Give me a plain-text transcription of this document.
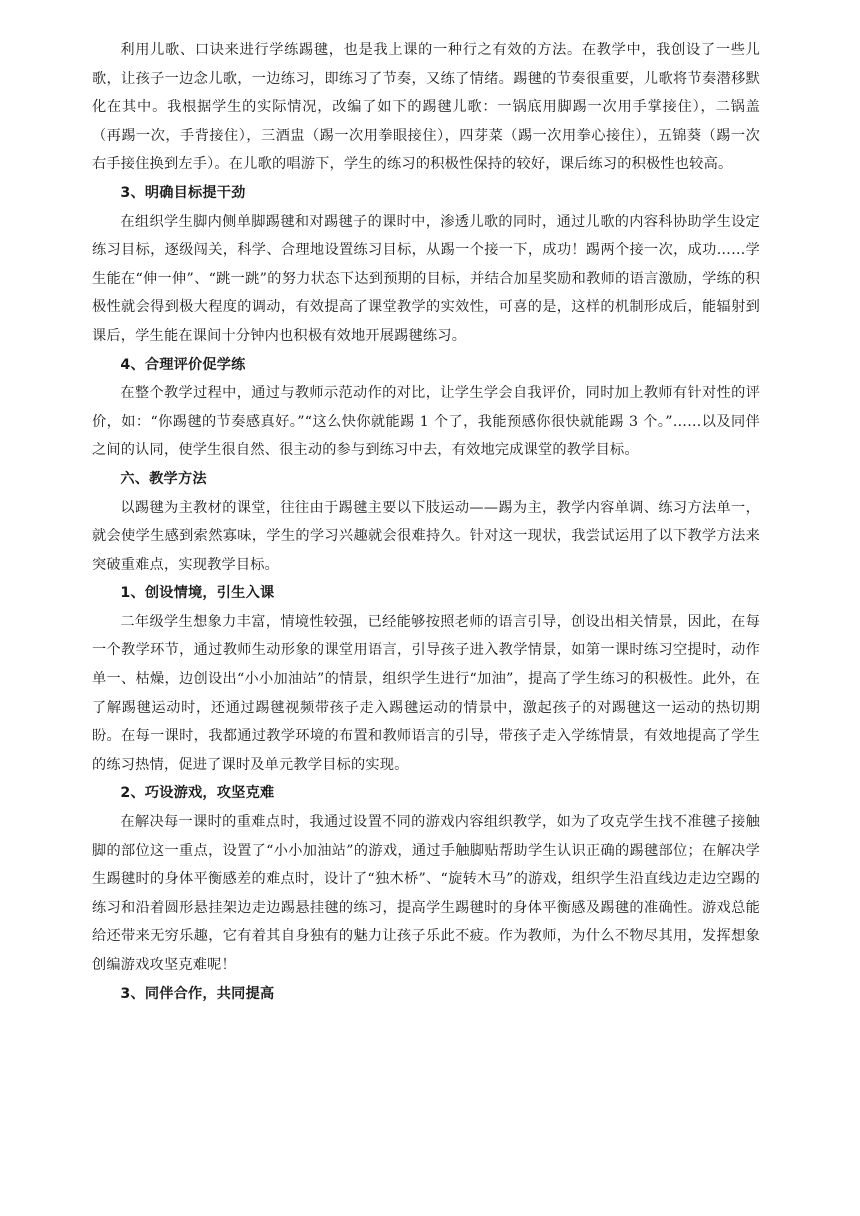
利用儿歌、口诀来进行学练踢毽，也是我上课的一种行之有效的方法。在教学中，我创设了一些儿歌，让孩子一边念儿歌，一边练习，即练习了节奏，又练了情绪。踢毽的节奏很重要，儿歌将节奏潜移默化在其中。我根据学生的实际情况，改编了如下的踢毽儿歌：一锅底用脚踢一次用手掌接住），二锅盖（再踢一次，手背接住），三酒盅（踢一次用拳眼接住），四芽菜（踢一次用拳心接住），五锦葵（踢一次右手接住换到左手）。在儿歌的唱游下，学生的练习的积极性保持的较好，课后练习的积极性也较高。

3、明确目标提干劲

在组织学生脚内侧单脚踢毽和对踢毽子的课时中，渗透儿歌的同时，通过儿歌的内容科协助学生设定练习目标，逐级闯关，科学、合理地设置练习目标，从踢一个接一下，成功！踢两个接一次，成功……学生能在“伸一伸”、“跳一跳”的努力状态下达到预期的目标，并结合加星奖励和教师的语言激励，学练的积极性就会得到极大程度的调动，有效提高了课堂教学的实效性，可喜的是，这样的机制形成后，能辐射到课后，学生能在课间十分钟内也积极有效地开展踢毽练习。

4、合理评价促学练

在整个教学过程中，通过与教师示范动作的对比，让学生学会自我评价，同时加上教师有针对性的评价，如：“你踢毽的节奏感真好。”“这么快你就能踢 1 个了，我能预感你很快就能踢 3 个。”……以及同伴之间的认同，使学生很自然、很主动的参与到练习中去，有效地完成课堂的教学目标。

六、教学方法

以踢毽为主教材的课堂，往往由于踢毽主要以下肢运动——踢为主，教学内容单调、练习方法单一，就会使学生感到索然寡味，学生的学习兴趣就会很难持久。针对这一现状，我尝试运用了以下教学方法来突破重难点，实现教学目标。

1、创设情境，引生入课

二年级学生想象力丰富，情境性较强，已经能够按照老师的语言引导，创设出相关情景，因此，在每一个教学环节，通过教师生动形象的课堂用语言，引导孩子进入教学情景，如第一课时练习空提时，动作单一、枯燥，边创设出“小小加油站”的情景，组织学生进行“加油”，提高了学生练习的积极性。此外，在了解踢毽运动时，还通过踢毽视频带孩子走入踢毽运动的情景中，激起孩子的对踢毽这一运动的热切期盼。在每一课时，我都通过教学环境的布置和教师语言的引导，带孩子走入学练情景，有效地提高了学生的练习热情，促进了课时及单元教学目标的实现。

2、巧设游戏，攻坚克难

在解决每一课时的重难点时，我通过设置不同的游戏内容组织教学，如为了攻克学生找不准毽子接触脚的部位这一重点，设置了“小小加油站”的游戏，通过手触脚贴帮助学生认识正确的踢毽部位；在解决学生踢毽时的身体平衡感差的难点时，设计了“独木桥”、“旋转木马”的游戏，组织学生沿直线边走边空踢的练习和沿着圆形悬挂架边走边踢悬挂毽的练习，提高学生踢毽时的身体平衡感及踢毽的准确性。游戏总能给还带来无穷乐趣，它有着其自身独有的魅力让孩子乐此不疲。作为教师，为什么不物尽其用，发挥想象创编游戏攻坚克难呢！

3、同伴合作，共同提高
